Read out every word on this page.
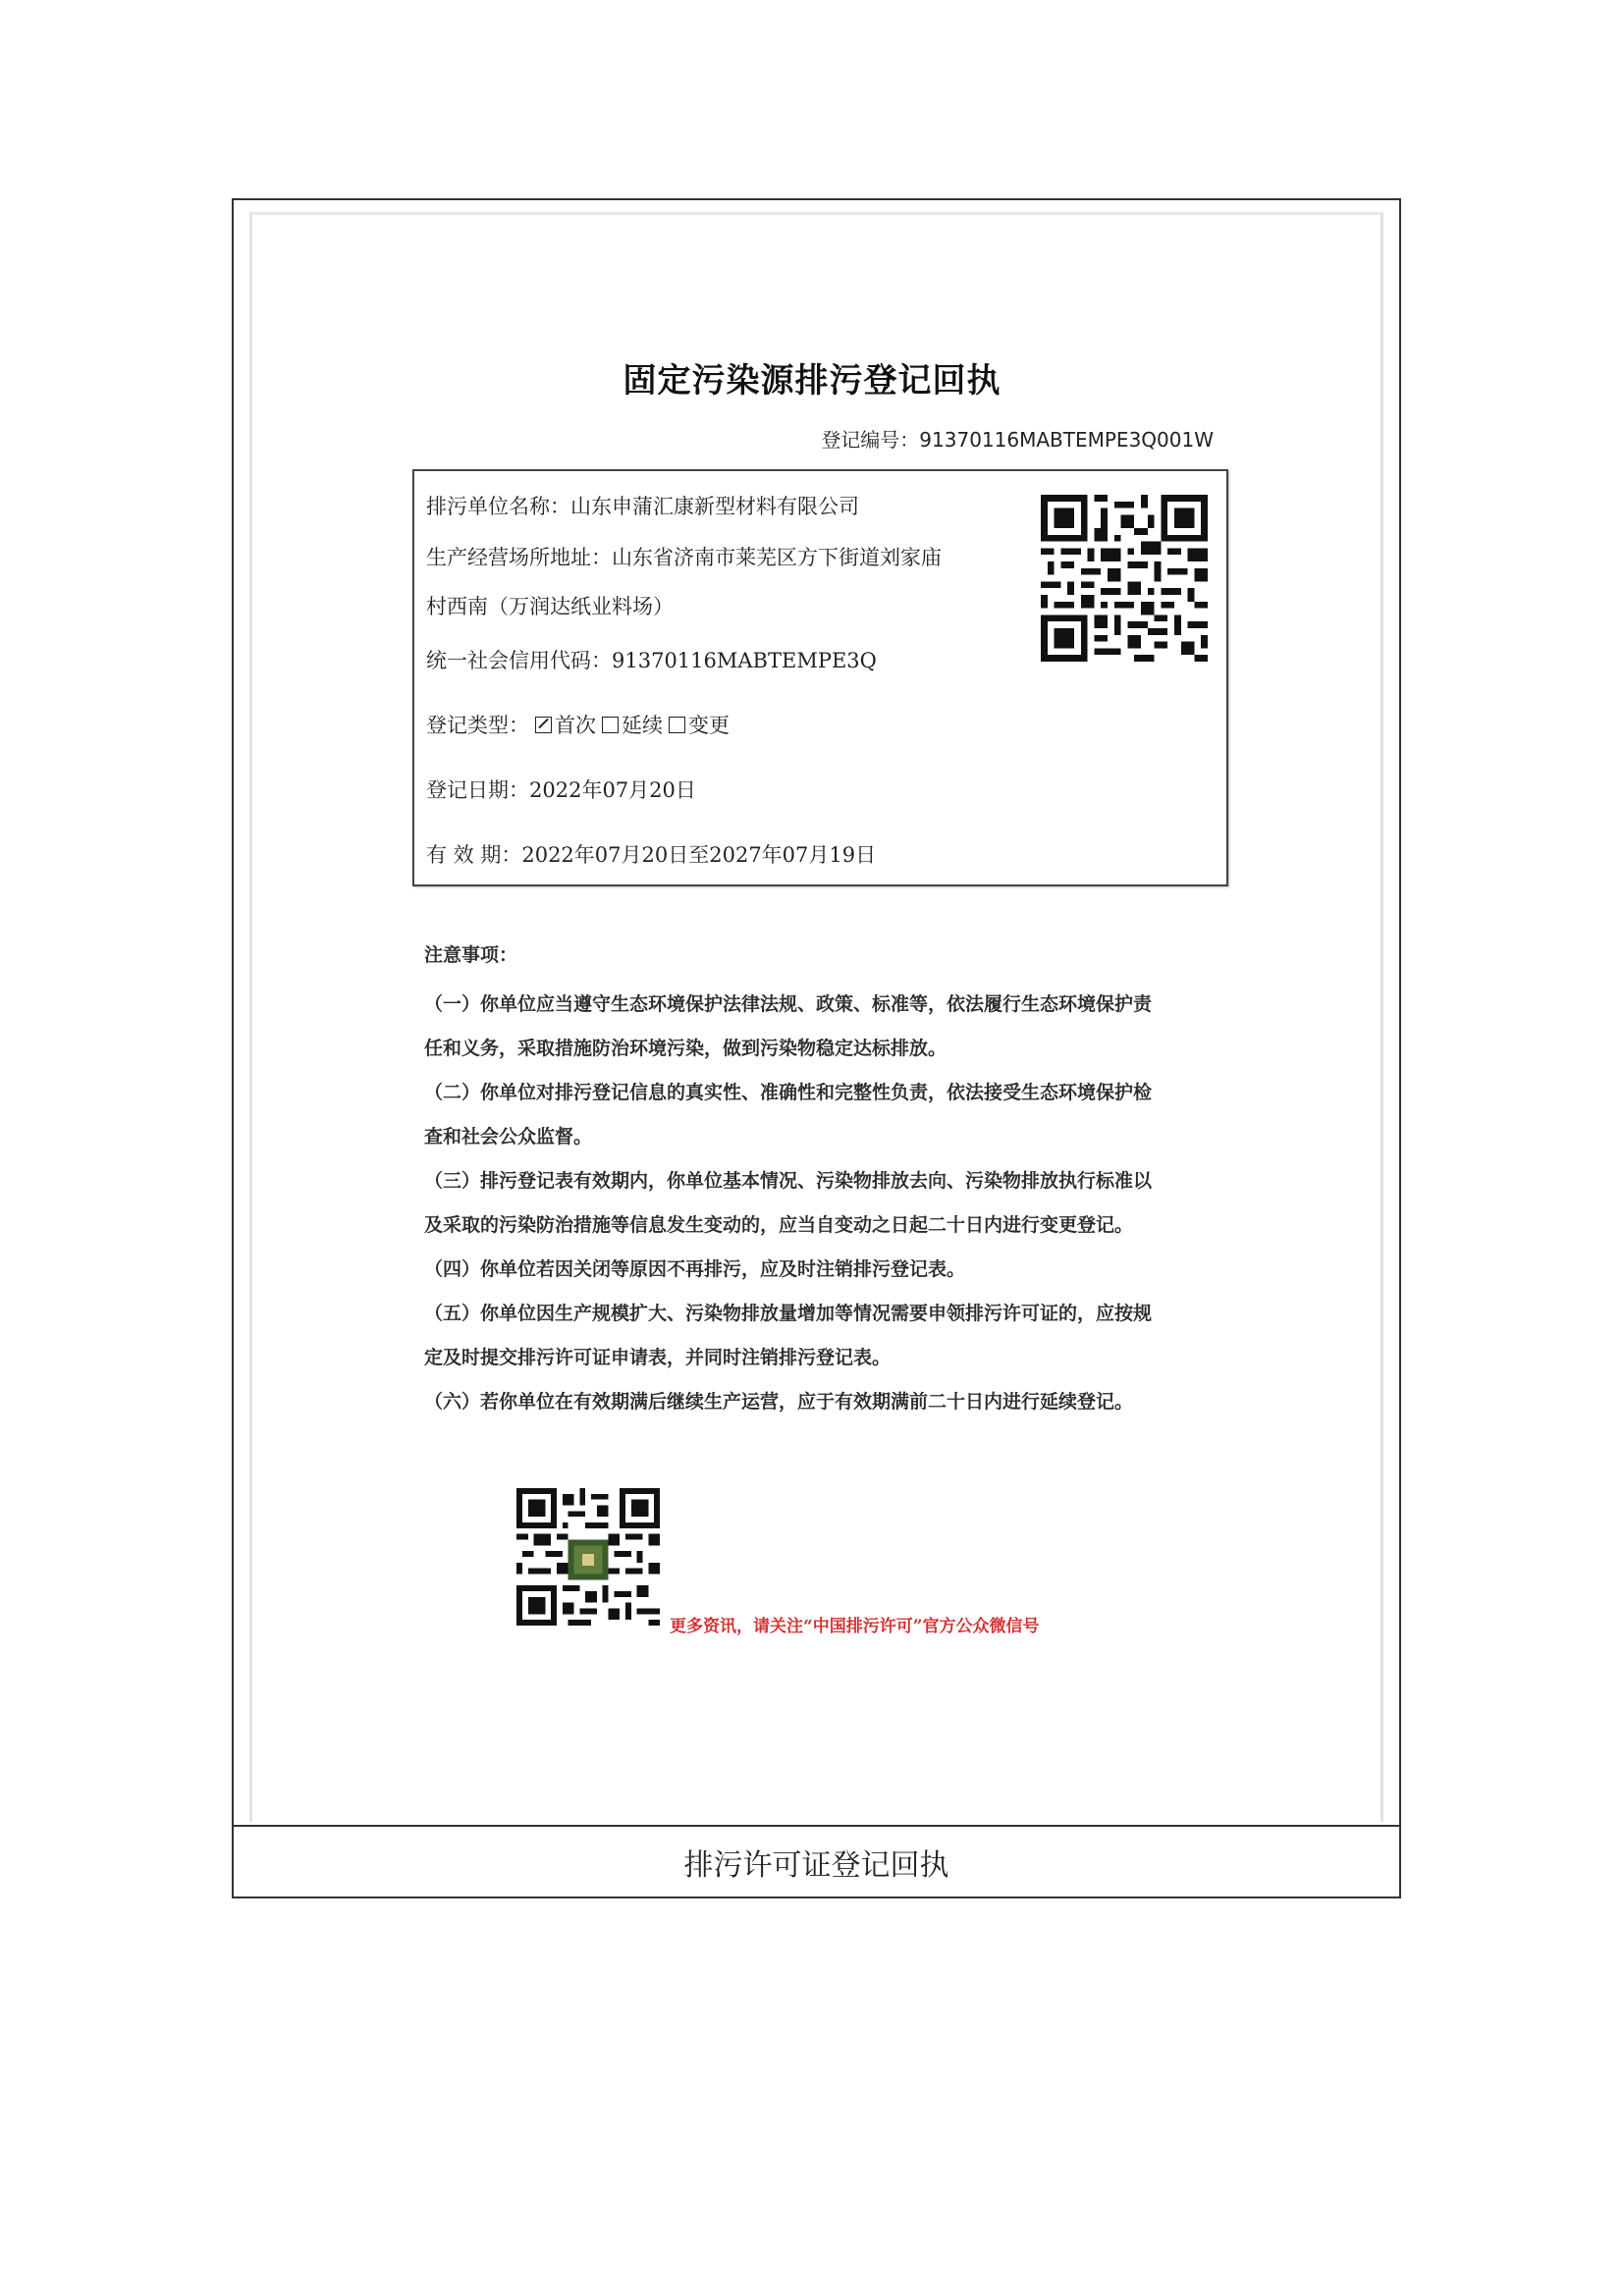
排污许可证登记回执
固定污染源排污登记回执
登记编号：91370116MABTEMPE3Q001W
排污单位名称：山东申蒲汇康新型材料有限公司
生产经营场所地址：山东省济南市莱芜区方下街道刘家庙
村西南（万润达纸业料场）
统一社会信用代码：91370116MABTEMPE3Q
登记类型： 首次 延续 变更
登记日期：2022年07月20日
有 效 期：2022年07月20日至2027年07月19日
注意事项：
（一）你单位应当遵守生态环境保护法律法规、政策、标准等，依法履行生态环境保护责
任和义务，采取措施防治环境污染，做到污染物稳定达标排放。
（二）你单位对排污登记信息的真实性、准确性和完整性负责，依法接受生态环境保护检
查和社会公众监督。
（三）排污登记表有效期内，你单位基本情况、污染物排放去向、污染物排放执行标准以
及采取的污染防治措施等信息发生变动的，应当自变动之日起二十日内进行变更登记。
（四）你单位若因关闭等原因不再排污，应及时注销排污登记表。
（五）你单位因生产规模扩大、污染物排放量增加等情况需要申领排污许可证的，应按规
定及时提交排污许可证申请表，并同时注销排污登记表。
（六）若你单位在有效期满后继续生产运营，应于有效期满前二十日内进行延续登记。
更多资讯，请关注“中国排污许可”官方公众微信号
